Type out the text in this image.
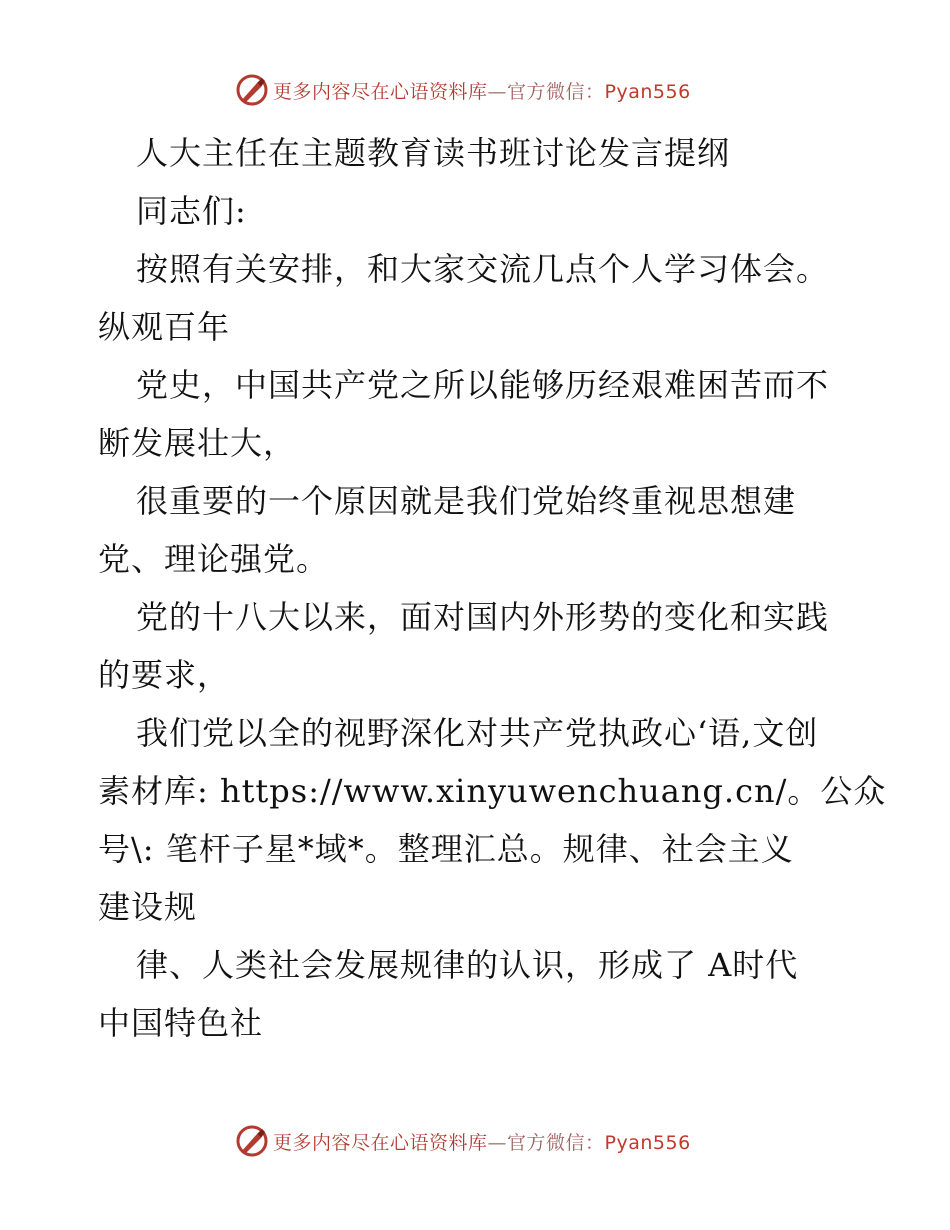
更多内容尽在心语资料库—官方微信：Pyan556
人大主任在主题教育读书班讨论发言提纲
同志们:
按照有关安排，和大家交流几点个人学习体会。
纵观百年
党史，中国共产党之所以能够历经艰难困苦而不
断发展壮大，
很重要的一个原因就是我们党始终重视思想建
党、理论强党。
党的十八大以来，面对国内外形势的变化和实践
的要求，
我们党以全的视野深化对共产党执政心‘语,文创
素材库: https://www.xinyuwenchuang.cn/。公众
号\: 笔杆子星*域*。整理汇总。规律、社会主义
建设规
律、人类社会发展规律的认识，形成了 A时代
中国特色社
更多内容尽在心语资料库—官方微信：Pyan556
